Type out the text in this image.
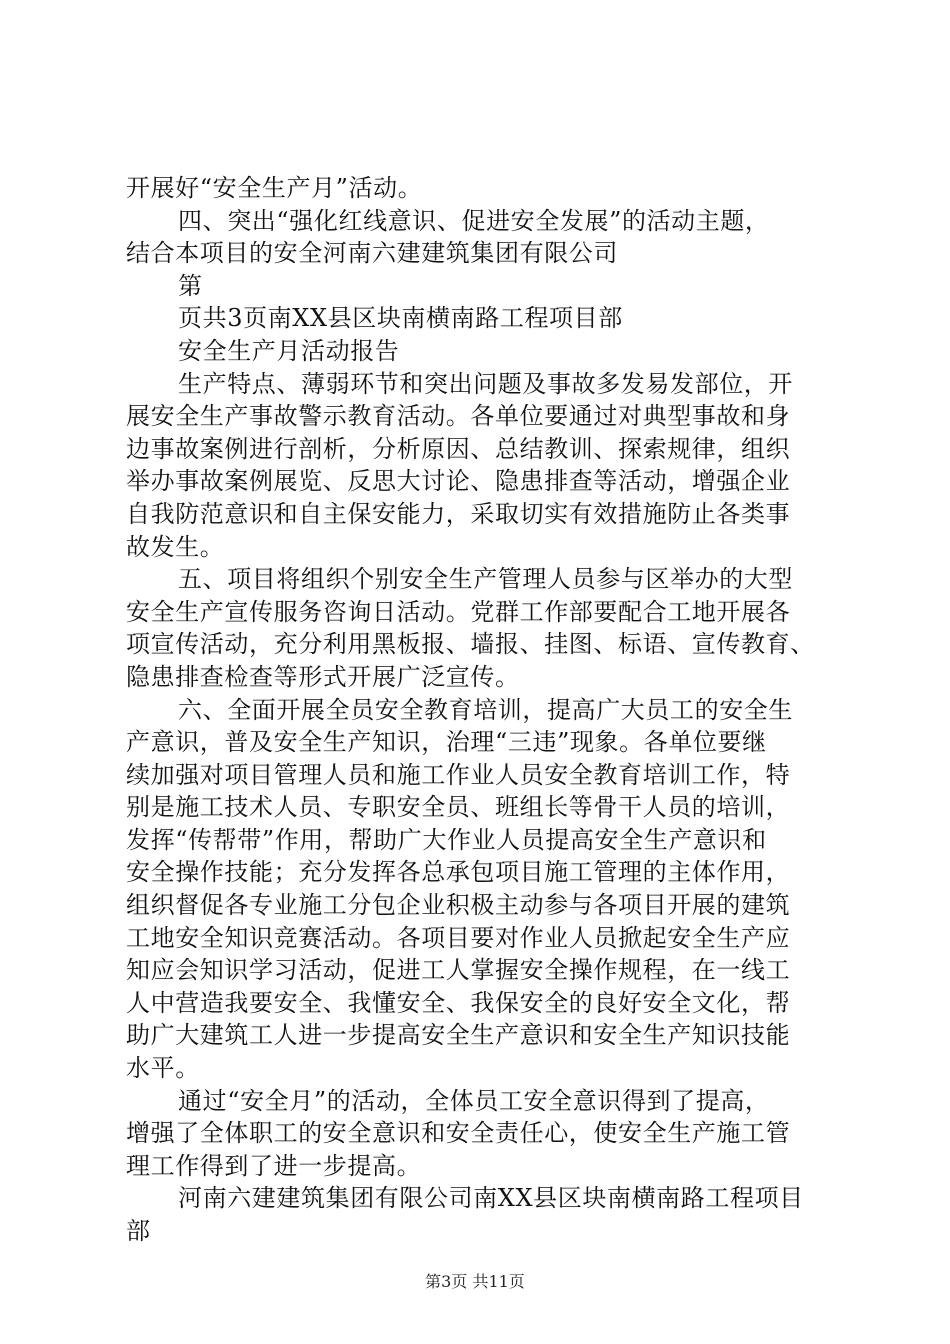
开展好“安全生产月”活动。
四、突出“强化红线意识、促进安全发展”的活动主题，
结合本项目的安全河南六建建筑集团有限公司
第
页共3页南XX县区块南横南路工程项目部
安全生产月活动报告
生产特点、薄弱环节和突出问题及事故多发易发部位，开
展安全生产事故警示教育活动。各单位要通过对典型事故和身
边事故案例进行剖析，分析原因、总结教训、探索规律，组织
举办事故案例展览、反思大讨论、隐患排查等活动，增强企业
自我防范意识和自主保安能力，采取切实有效措施防止各类事
故发生。
五、项目将组织个别安全生产管理人员参与区举办的大型
安全生产宣传服务咨询日活动。党群工作部要配合工地开展各
项宣传活动，充分利用黑板报、墙报、挂图、标语、宣传教育、
隐患排查检查等形式开展广泛宣传。
六、全面开展全员安全教育培训，提高广大员工的安全生
产意识，普及安全生产知识，治理“三违”现象。各单位要继
续加强对项目管理人员和施工作业人员安全教育培训工作，特
别是施工技术人员、专职安全员、班组长等骨干人员的培训，
发挥“传帮带”作用，帮助广大作业人员提高安全生产意识和
安全操作技能；充分发挥各总承包项目施工管理的主体作用，
组织督促各专业施工分包企业积极主动参与各项目开展的建筑
工地安全知识竞赛活动。各项目要对作业人员掀起安全生产应
知应会知识学习活动，促进工人掌握安全操作规程，在一线工
人中营造我要安全、我懂安全、我保安全的良好安全文化，帮
助广大建筑工人进一步提高安全生产意识和安全生产知识技能
水平。
通过“安全月”的活动，全体员工安全意识得到了提高，
增强了全体职工的安全意识和安全责任心，使安全生产施工管
理工作得到了进一步提高。
河南六建建筑集团有限公司南XX县区块南横南路工程项目
部
第3页 共11页
